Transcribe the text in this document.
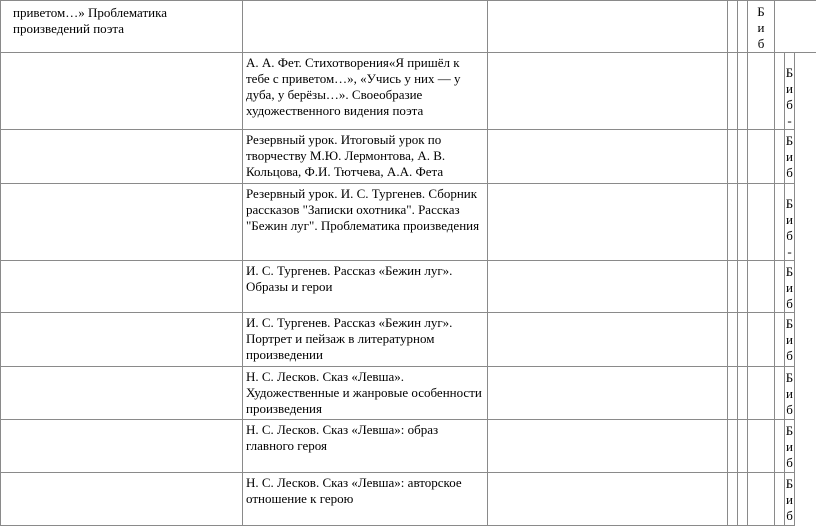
приветом…» Проблематика произведений поэта					Б
и
б		

	А. А. Фет. Стихотворения«Я пришёл к тебе с приветом…», «Учись у них — у дуба, у берёзы…». Своеобразие художественного видения поэта						Б
и
б
-

	Резервный урок. Итоговый урок по творчеству М.Ю. Лермонтова, А. В. Кольцова, Ф.И. Тютчева, А.А. Фета						Б
и
б

	Резервный урок. И. С. Тургенев. Сборник рассказов "Записки охотника". Рассказ "Бежин луг". Проблематика произведения						Б
и
б
-

	И. С. Тургенев. Рассказ «Бежин луг». Образы и герои						Б
и
б

	И. С. Тургенев. Рассказ «Бежин луг». Портрет и пейзаж в литературном произведении						Б
и
б

	Н. С. Лесков. Сказ «Левша». Художественные и жанровые особенности произведения						Б
и
б

	Н. С. Лесков. Сказ «Левша»: образ главного героя						Б
и
б

	Н. С. Лесков. Сказ «Левша»: авторское отношение к герою						Б
и
б
